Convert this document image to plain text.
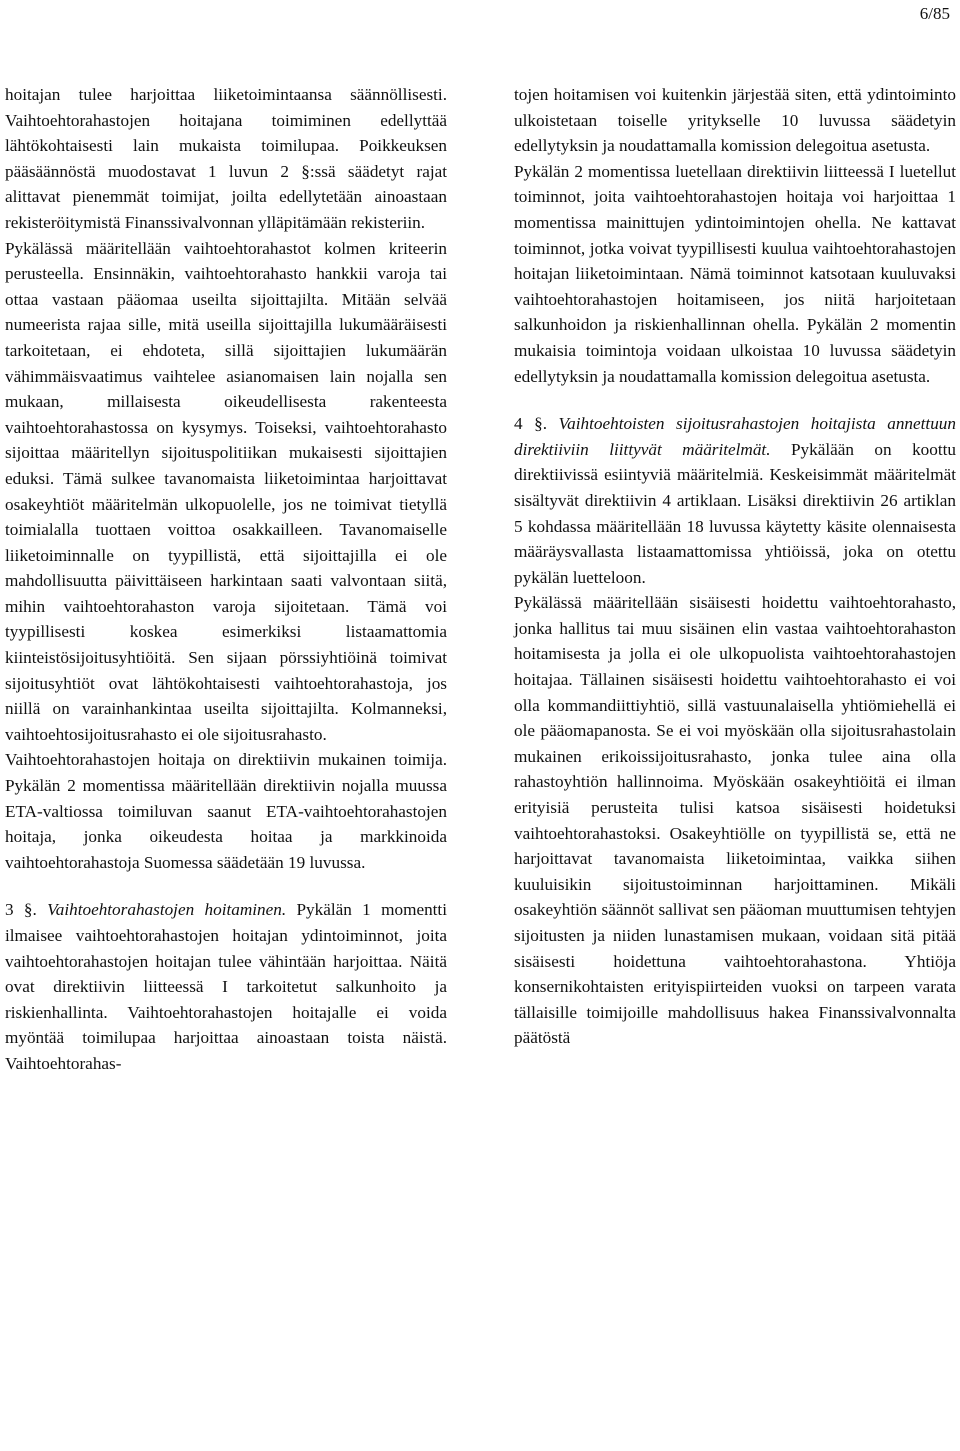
6/85

hoitajan tulee harjoittaa liiketoimintaansa säännöllisesti. Vaihtoehtorahastojen hoitajana toimiminen edellyttää lähtökohtaisesti lain mukaista toimilupaa. Poikkeuksen pääsäännöstä muodostavat 1 luvun 2 §:ssä säädetyt rajat alittavat pienemmät toimijat, joilta edellytetään ainoastaan rekisteröitymistä Finanssivalvonnan ylläpitämään rekisteriin.

Pykälässä määritellään vaihtoehtorahastot kolmen kriteerin perusteella. Ensinnäkin, vaihtoehtorahasto hankkii varoja tai ottaa vastaan pääomaa useilta sijoittajilta. Mitään selvää numeerista rajaa sille, mitä useilla sijoittajilla lukumääräisesti tarkoitetaan, ei ehdoteta, sillä sijoittajien lukumäärän vähimmäisvaatimus vaihtelee asianomaisen lain nojalla sen mukaan, millaisesta oikeudellisesta rakenteesta vaihtoehtorahastossa on kysymys. Toiseksi, vaihtoehtorahasto sijoittaa määritellyn sijoituspolitiikan mukaisesti sijoittajien eduksi. Tämä sulkee tavanomaista liiketoimintaa harjoittavat osakeyhtiöt määritelmän ulkopuolelle, jos ne toimivat tietyllä toimialalla tuottaen voittoa osakkailleen. Tavanomaiselle liiketoiminnalle on tyypillistä, että sijoittajilla ei ole mahdollisuutta päivittäiseen harkintaan saati valvontaan siitä, mihin vaihtoehtorahaston varoja sijoitetaan. Tämä voi tyypillisesti koskea esimerkiksi listaamattomia kiinteistösijoitusyhtiöitä. Sen sijaan pörssiyhtiöinä toimivat sijoitusyhtiöt ovat lähtökohtaisesti vaihtoehtorahastoja, jos niillä on varainhankintaa useilta sijoittajilta. Kolmanneksi, vaihtoehtosijoitusrahasto ei ole sijoitusrahasto.

Vaihtoehtorahastojen hoitaja on direktiivin mukainen toimija. Pykälän 2 momentissa määritellään direktiivin nojalla muussa ETA-valtiossa toimiluvan saanut ETA-vaihtoehtorahastojen hoitaja, jonka oikeudesta hoitaa ja markkinoida vaihtoehtorahastoja Suomessa säädetään 19 luvussa.

3 §. Vaihtoehtorahastojen hoitaminen. Pykälän 1 momentti ilmaisee vaihtoehtorahastojen hoitajan ydintoiminnot, joita vaihtoehtorahastojen hoitajan tulee vähintään harjoittaa. Näitä ovat direktiivin liitteessä I tarkoitetut salkunhoito ja riskienhallinta. Vaihtoehtorahastojen hoitajalle ei voida myöntää toimilupaa harjoittaa ainoastaan toista näistä. Vaihtoehtorahas-

tojen hoitamisen voi kuitenkin järjestää siten, että ydintoiminto ulkoistetaan toiselle yritykselle 10 luvussa säädetyin edellytyksin ja noudattamalla komission delegoitua asetusta.

Pykälän 2 momentissa luetellaan direktiivin liitteessä I luetellut toiminnot, joita vaihtoehtorahastojen hoitaja voi harjoittaa 1 momentissa mainittujen ydintoimintojen ohella. Ne kattavat toiminnot, jotka voivat tyypillisesti kuulua vaihtoehtorahastojen hoitajan liiketoimintaan. Nämä toiminnot katsotaan kuuluvaksi vaihtoehtorahastojen hoitamiseen, jos niitä harjoitetaan salkunhoidon ja riskienhallinnan ohella. Pykälän 2 momentin mukaisia toimintoja voidaan ulkoistaa 10 luvussa säädetyin edellytyksin ja noudattamalla komission delegoitua asetusta.

4 §. Vaihtoehtoisten sijoitusrahastojen hoitajista annettuun direktiiviin liittyvät määritelmät. Pykälään on koottu direktiivissä esiintyviä määritelmiä. Keskeisimmät määritelmät sisältyvät direktiivin 4 artiklaan. Lisäksi direktiivin 26 artiklan 5 kohdassa määritellään 18 luvussa käytetty käsite olennaisesta määräysvallasta listaamattomissa yhtiöissä, joka on otettu pykälän luetteloon.

Pykälässä määritellään sisäisesti hoidettu vaihtoehtorahasto, jonka hallitus tai muu sisäinen elin vastaa vaihtoehtorahaston hoitamisesta ja jolla ei ole ulkopuolista vaihtoehtorahastojen hoitajaa. Tällainen sisäisesti hoidettu vaihtoehtorahasto ei voi olla kommandiittiyhtiö, sillä vastuunalaisella yhtiömiehellä ei ole pääomapanosta. Se ei voi myöskään olla sijoitusrahastolain mukainen erikoissijoitusrahasto, jonka tulee aina olla rahastoyhtiön hallinnoima. Myöskään osakeyhtiöitä ei ilman erityisiä perusteita tulisi katsoa sisäisesti hoidetuksi vaihtoehtorahastoksi. Osakeyhtiölle on tyypillistä se, että ne harjoittavat tavanomaista liiketoimintaa, vaikka siihen kuuluisikin sijoitustoiminnan harjoittaminen. Mikäli osakeyhtiön säännöt sallivat sen pääoman muuttumisen tehtyjen sijoitusten ja niiden lunastamisen mukaan, voidaan sitä pitää sisäisesti hoidettuna vaihtoehtorahastona. Yhtiöja konsernikohtaisten erityispiirteiden vuoksi on tarpeen varata tällaisille toimijoille mahdollisuus hakea Finanssivalvonnalta päätöstä
